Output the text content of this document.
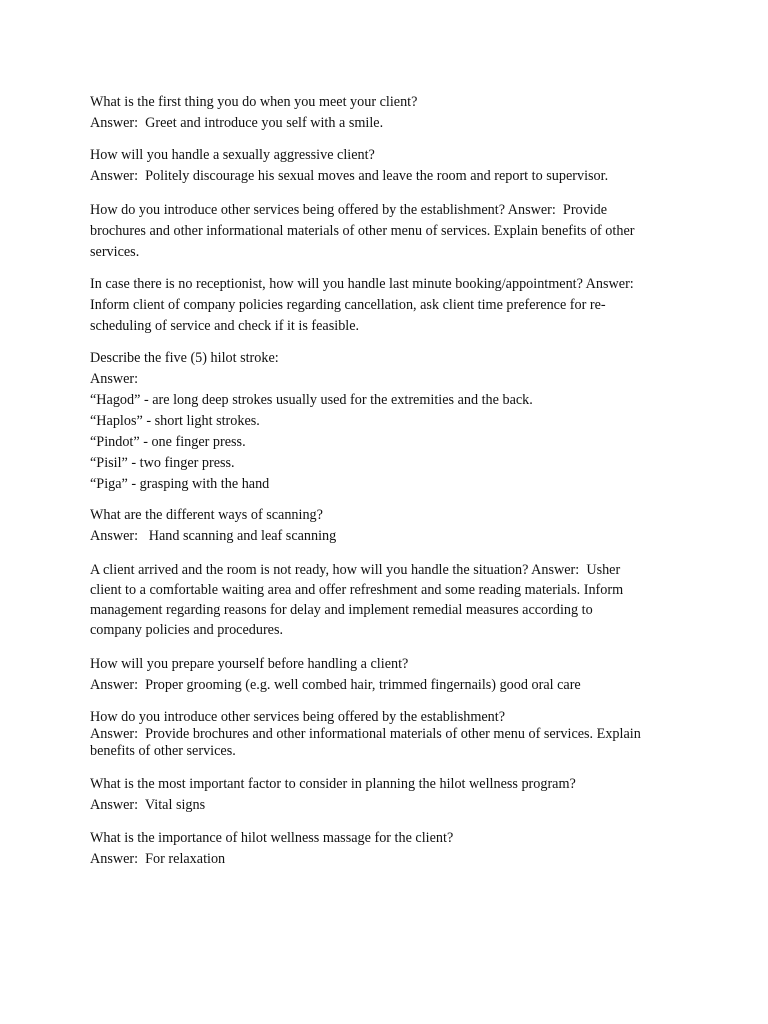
What is the first thing you do when you meet your client?
Answer:  Greet and introduce you self with a smile.
How will you handle a sexually aggressive client?
Answer:  Politely discourage his sexual moves and leave the room and report to supervisor.
How do you introduce other services being offered by the establishment? Answer:  Provide
brochures and other informational materials of other menu of services. Explain benefits of other
services.
In case there is no receptionist, how will you handle last minute booking/appointment? Answer:
Inform client of company policies regarding cancellation, ask client time preference for re-
scheduling of service and check if it is feasible.
Describe the five (5) hilot stroke:
Answer:
“Hagod” - are long deep strokes usually used for the extremities and the back.
“Haplos” - short light strokes.
“Pindot” - one finger press.
“Pisil” - two finger press.
“Piga” - grasping with the hand
What are the different ways of scanning?
Answer:   Hand scanning and leaf scanning
A client arrived and the room is not ready, how will you handle the situation? Answer:  Usher
client to a comfortable waiting area and offer refreshment and some reading materials. Inform
management regarding reasons for delay and implement remedial measures according to
company policies and procedures.
How will you prepare yourself before handling a client?
Answer:  Proper grooming (e.g. well combed hair, trimmed fingernails) good oral care
How do you introduce other services being offered by the establishment?
Answer:  Provide brochures and other informational materials of other menu of services. Explain
benefits of other services.
What is the most important factor to consider in planning the hilot wellness program?
Answer:  Vital signs
What is the importance of hilot wellness massage for the client?
Answer:  For relaxation
